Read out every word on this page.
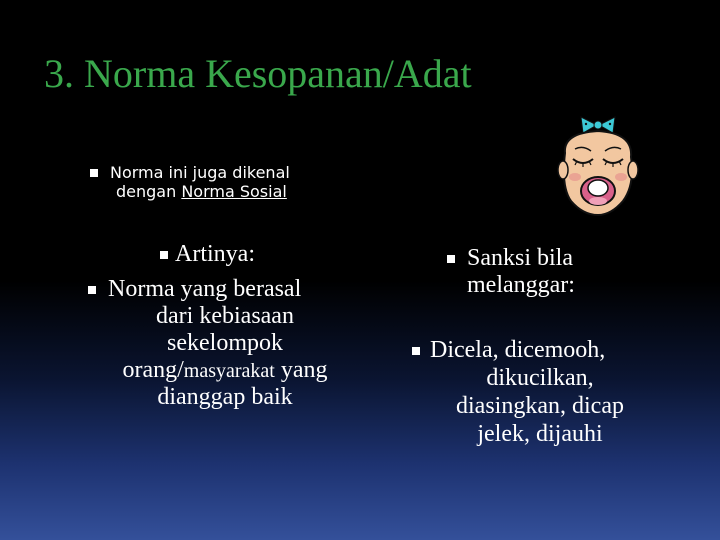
3. Norma Kesopanan/Adat
Norma ini juga dikenal
dengan Norma Sosial
Artinya:
Norma yang berasal
dari kebiasaan
sekelompok
orang/masyarakat yang
dianggap baik
Sanksi bila
melanggar:
Dicela, dicemooh,
dikucilkan,
diasingkan, dicap
jelek, dijauhi
